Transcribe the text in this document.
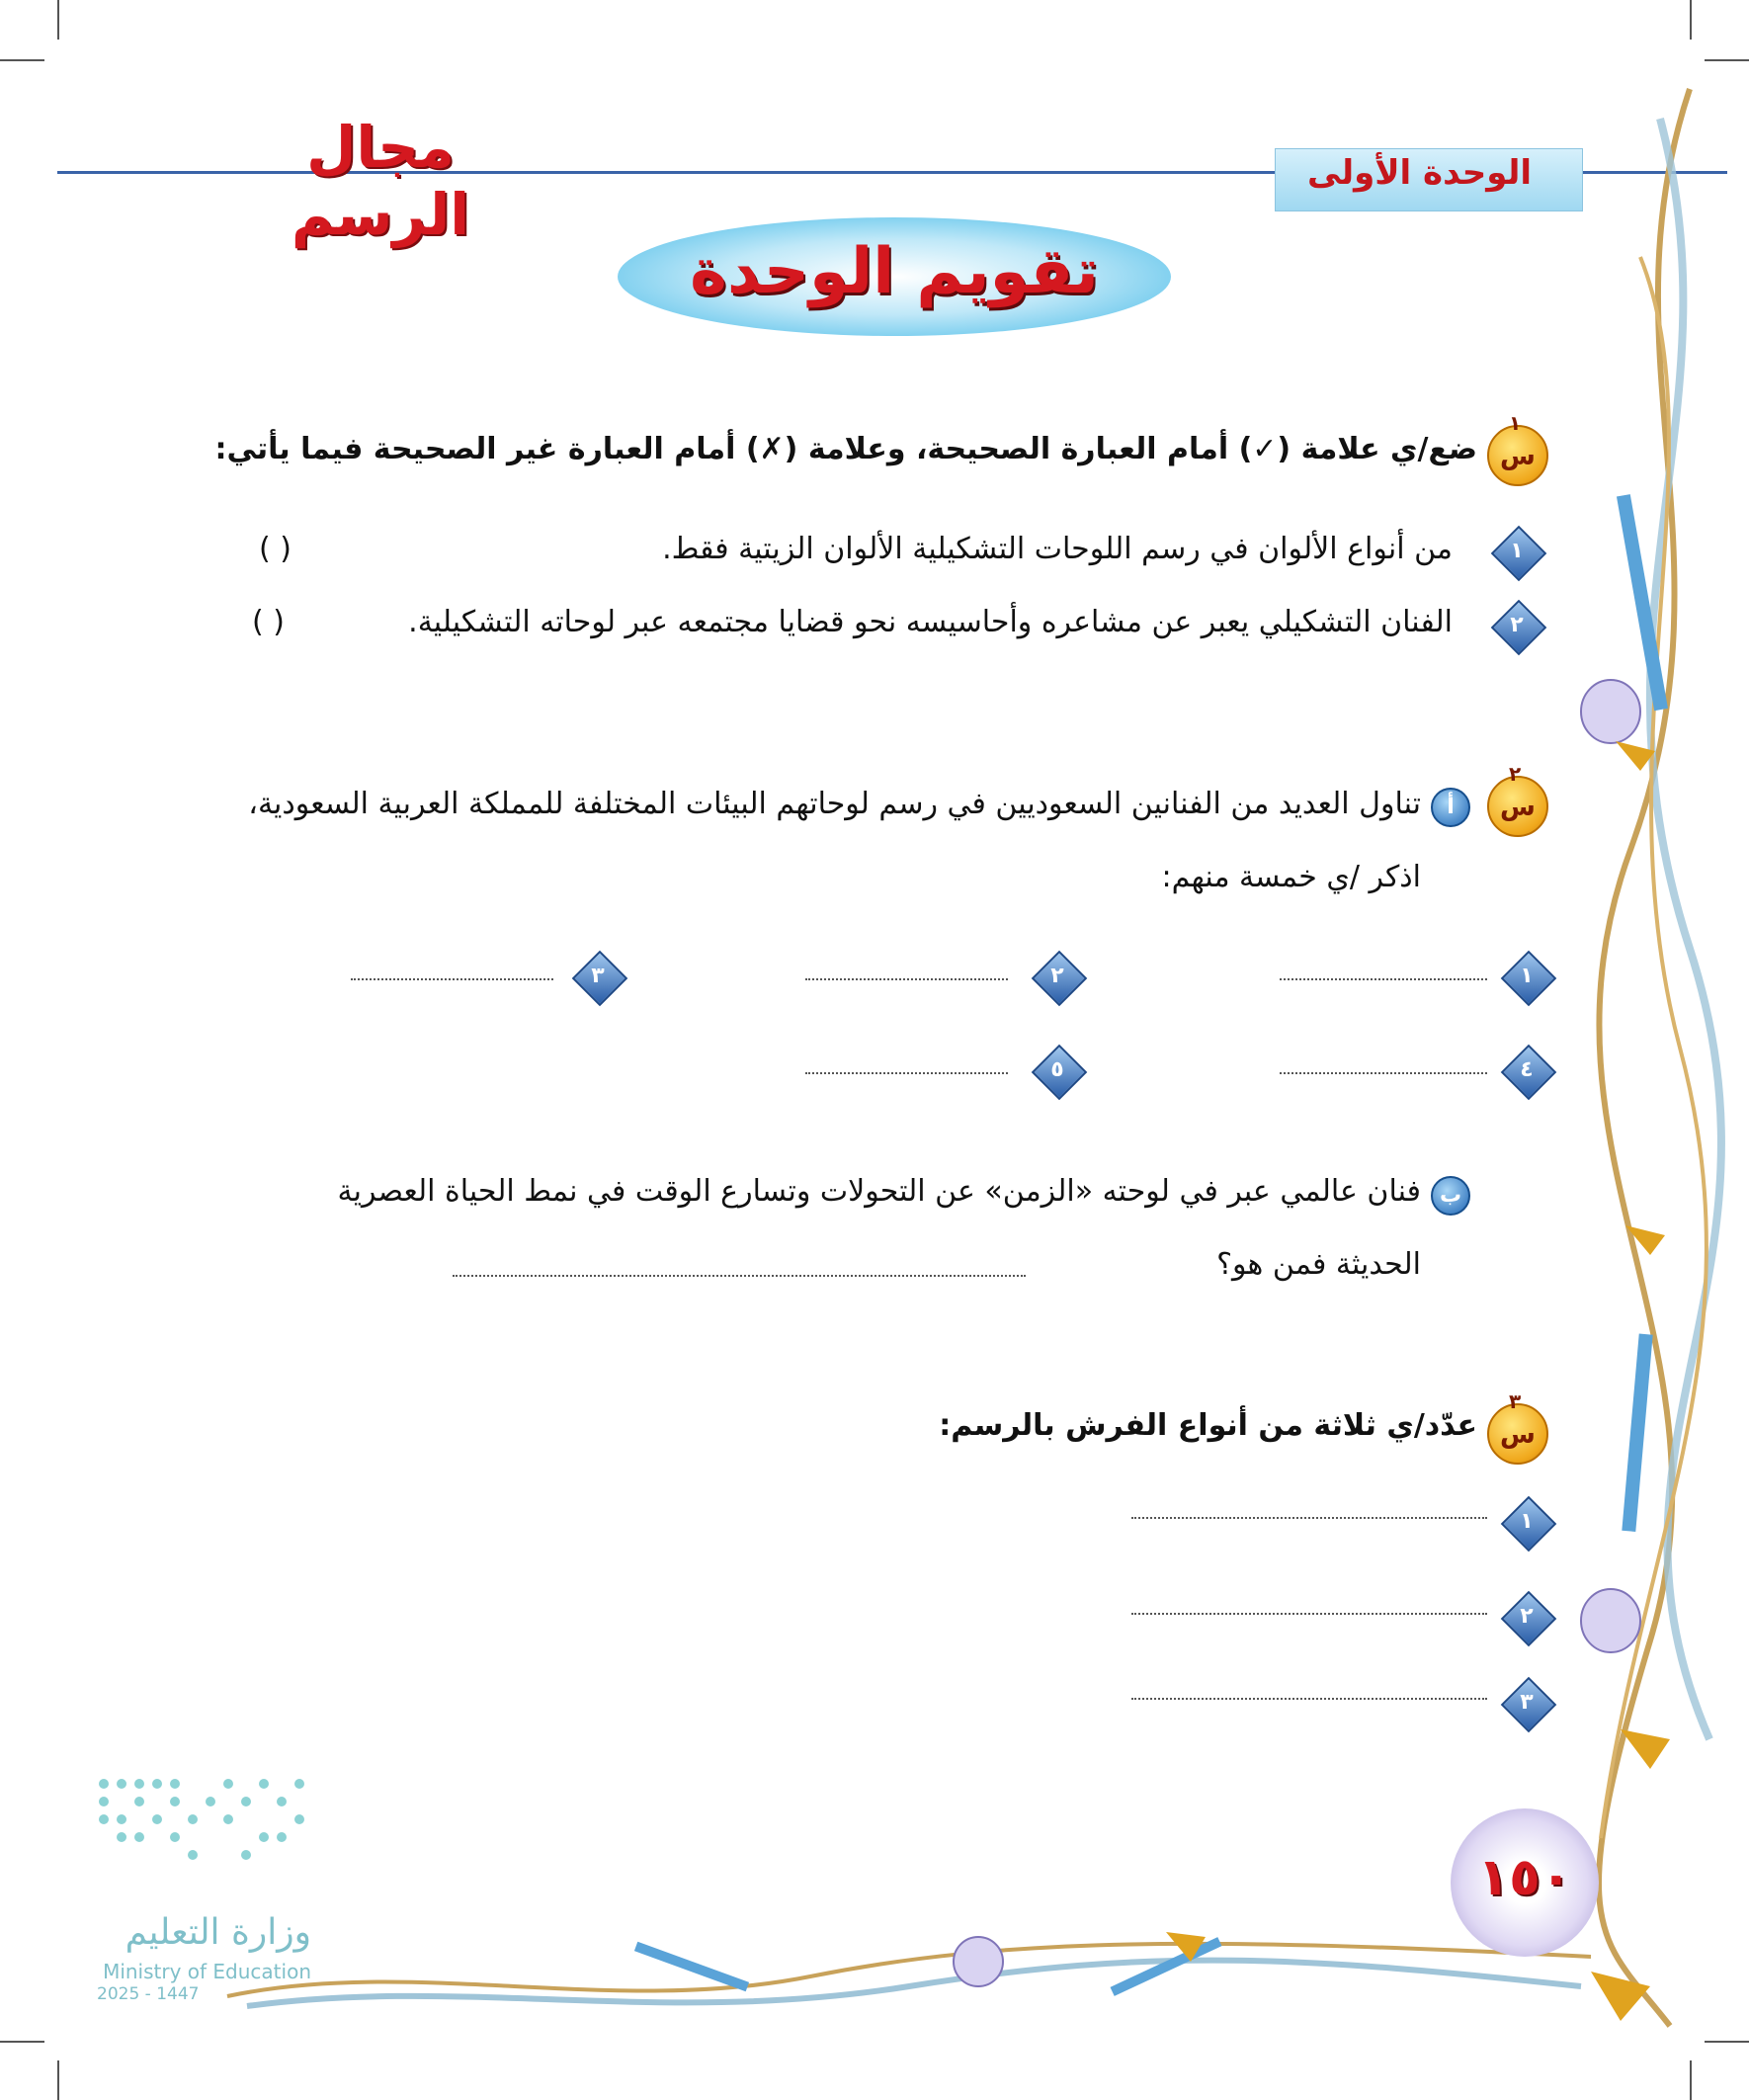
الوحدة الأولى
مجال الرسم
تقويم الوحدة
س
١
ضع/ي علامة (✓) أمام العبارة الصحيحة، وعلامة (✗) أمام العبارة غير الصحيحة فيما يأتي:
١
من أنواع الألوان في رسم اللوحات التشكيلية الألوان الزيتية فقط.
( )
٢
الفنان التشكيلي يعبر عن مشاعره وأحاسيسه نحو قضايا مجتمعه عبر لوحاته التشكيلية.
( )
س
٢
أ
تناول العديد من الفنانين السعوديين في رسم لوحاتهم البيئات المختلفة للمملكة العربية السعودية،
اذكر /ي خمسة منهم:
١
٢
٣
٤
٥
ب
فنان عالمي عبر في لوحته «الزمن» عن التحولات وتسارع الوقت في نمط الحياة العصرية
الحديثة فمن هو؟
س
٣
عدّد/ي ثلاثة من أنواع الفرش بالرسم:
١
٢
٣
١٥٠
وزارة التعليم
Ministry of Education
2025 - 1447
